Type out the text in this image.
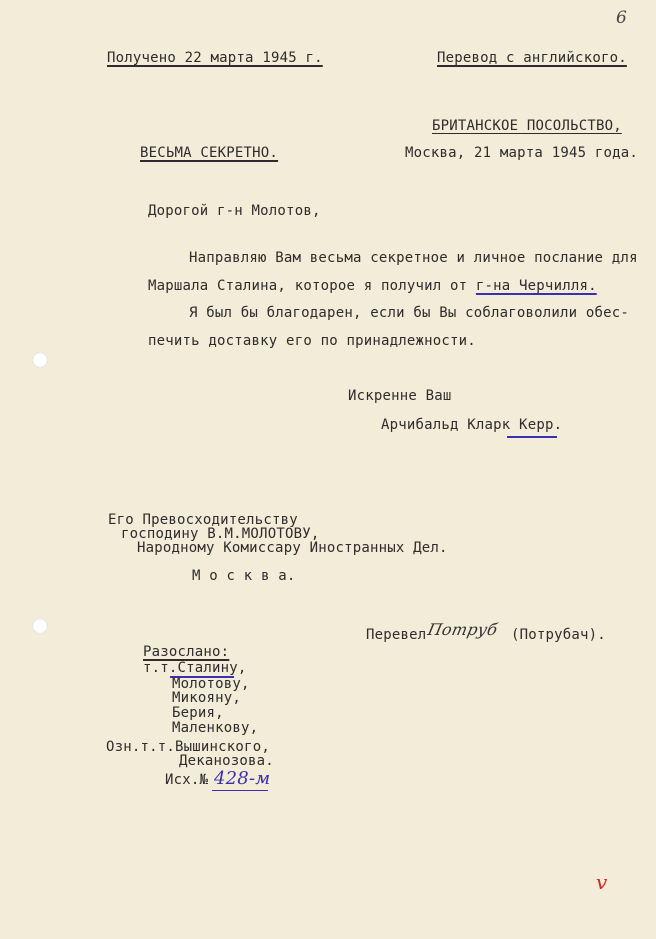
6
Получено 22 марта 1945 г.	Перевод с английского.
БРИТАНСКОЕ ПОСОЛЬСТВО,
ВЕСЬМА СЕКРЕТНО.	Москва, 21 марта 1945 года.
Дорогой г-н Молотов,
Направляю Вам весьма секретное и личное послание для
Маршала Сталина, которое я получил от г-на Черчилля.
Я был бы благодарен, если бы Вы соблаговолили обес-
печить доставку его по принадлежности.
Искренне Ваш
Арчибальд Кларк Керр.
Его Превосходительству
господину В.М.МОЛОТОВУ,
Народному Комиссару Иностранных Дел.
М о с к в а.
Перевел Потруб (Потрубач).
Разослано:
т.т.Сталину,
Молотову,
Микояну,
Берия,
Маленкову,
Озн.т.т.Вышинского,
Деканозова.
Исх.№ 428-м
v
